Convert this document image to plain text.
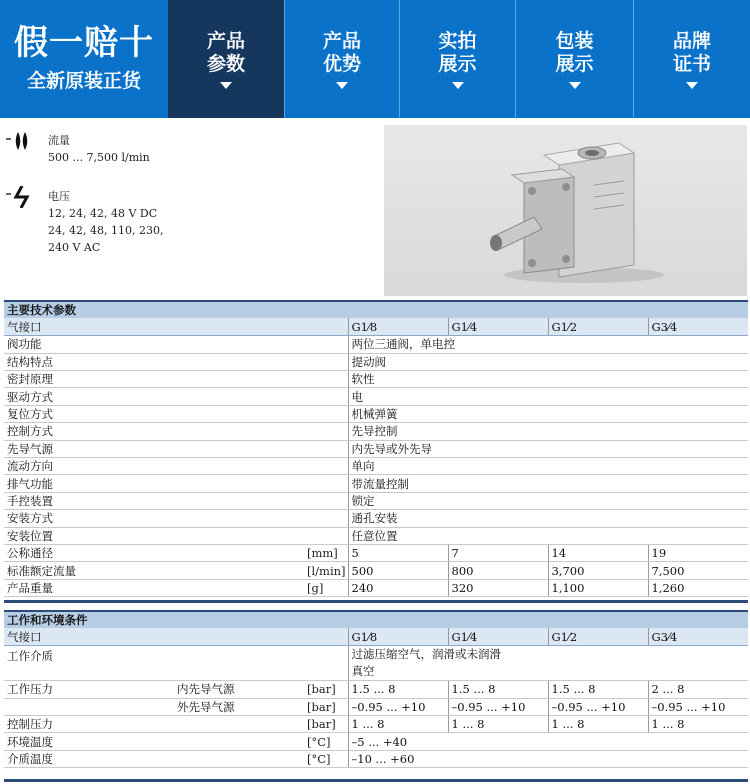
假一赔十
全新原装正货
产品
参数
产品
优势
实拍
展示
包装
展示
品牌
证书
流量
500 ... 7,500 l/min
电压
12, 24, 42, 48 V DC
24, 42, 48, 110, 230,
240 V AC
主要技术参数					
气接口		G1⁄8	G1⁄4	G1⁄2	G3⁄4
阀功能		两位三通阀，单电控			
结构特点		提动阀			
密封原理		软性			
驱动方式		电			
复位方式		机械弹簧			
控制方式		先导控制			
先导气源		内先导或外先导			
流动方向		单向			
排气功能		带流量控制			
手控装置		锁定			
安装方式		通孔安装			
安装位置		任意位置			
公称通径	[mm]	5	7	14	19
标准额定流量	[l/min]	500	800	3,700	7,500
产品重量	[g]	240	320	1,100	1,260
工作和环境条件						
气接口			G1⁄8	G1⁄4	G1⁄2	G3⁄4
工作介质			过滤压缩空气，润滑或未润滑
真空			

工作压力	内先导气源	[bar]	1.5 ... 8	1.5 ... 8	1.5 ... 8	2 ... 8
	外先导气源	[bar]	–0.95 ... +10	–0.95 ... +10	–0.95 ... +10	–0.95 ... +10
控制压力		[bar]	1 ... 8	1 ... 8	1 ... 8	1 ... 8
环境温度		[°C]	–5 ... +40			
介质温度		[°C]	–10 ... +60			
